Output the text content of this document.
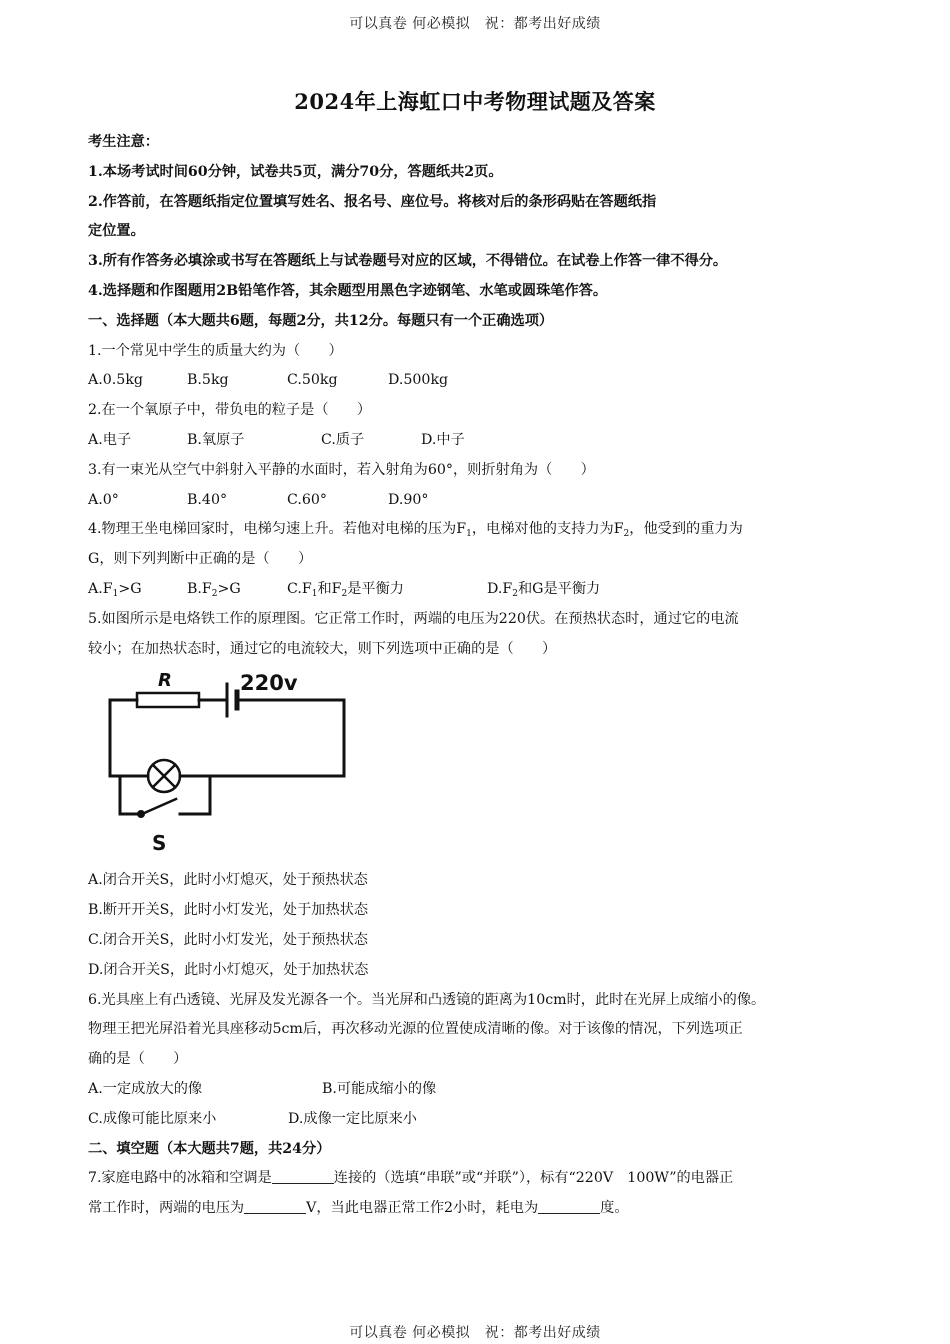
可以真卷 何必模拟　祝：都考出好成绩
2024年上海虹口中考物理试题及答案
考生注意：
1.本场考试时间60分钟，试卷共5页，满分70分，答题纸共2页。
2.作答前，在答题纸指定位置填写姓名、报名号、座位号。将核对后的条形码贴在答题纸指
定位置。
3.所有作答务必填涂或书写在答题纸上与试卷题号对应的区域，不得错位。在试卷上作答一律不得分。
4.选择题和作图题用2B铅笔作答，其余题型用黑色字迹钢笔、水笔或圆珠笔作答。
一、选择题（本大题共6题，每题2分，共12分。每题只有一个正确选项）
1.一个常见中学生的质量大约为（　　）
A.0.5kg	B.5kg	C.50kg	D.500kg
2.在一个氧原子中，带负电的粒子是（　　）
A.电子	B.氧原子	C.质子	D.中子
3.有一束光从空气中斜射入平静的水面时，若入射角为60°，则折射角为（　　）
A.0°	B.40°	C.60°	D.90°
4.物理王坐电梯回家时，电梯匀速上升。若他对电梯的压为$F_1$，电梯对他的支持力为$F_2$，他受到的重力为
G，则下列判断中正确的是（　　）
$A.F_1>G$	$B.F_2>G$	$C.F_1$和$F_2$是平衡力	$D.F_2$和G是平衡力
5.如图所示是电烙铁工作的原理图。它正常工作时，两端的电压为220伏。在预热状态时，通过它的电流
较小；在加热状态时，通过它的电流较大，则下列选项中正确的是（　　）
R	220v
S
A.闭合开关S，此时小灯熄灭，处于预热状态
B.断开开关S，此时小灯发光，处于加热状态
C.闭合开关S，此时小灯发光，处于预热状态
D.闭合开关S，此时小灯熄灭，处于加热状态
6.光具座上有凸透镜、光屏及发光源各一个。当光屏和凸透镜的距离为10cm时，此时在光屏上成缩小的像。
物理王把光屏沿着光具座移动5cm后，再次移动光源的位置使成清晰的像。对于该像的情况，下列选项正
确的是（　　）
A.一定成放大的像	B.可能成缩小的像
C.成像可能比原来小	D.成像一定比原来小
二、填空题（本大题共7题，共24分）
7.家庭电路中的冰箱和空调是	连接的（选填“串联”或“并联”），标有“220V　100W”的电器正
常工作时，两端的电压为	V，当此电器正常工作2小时，耗电为	度。
可以真卷 何必模拟　祝：都考出好成绩
